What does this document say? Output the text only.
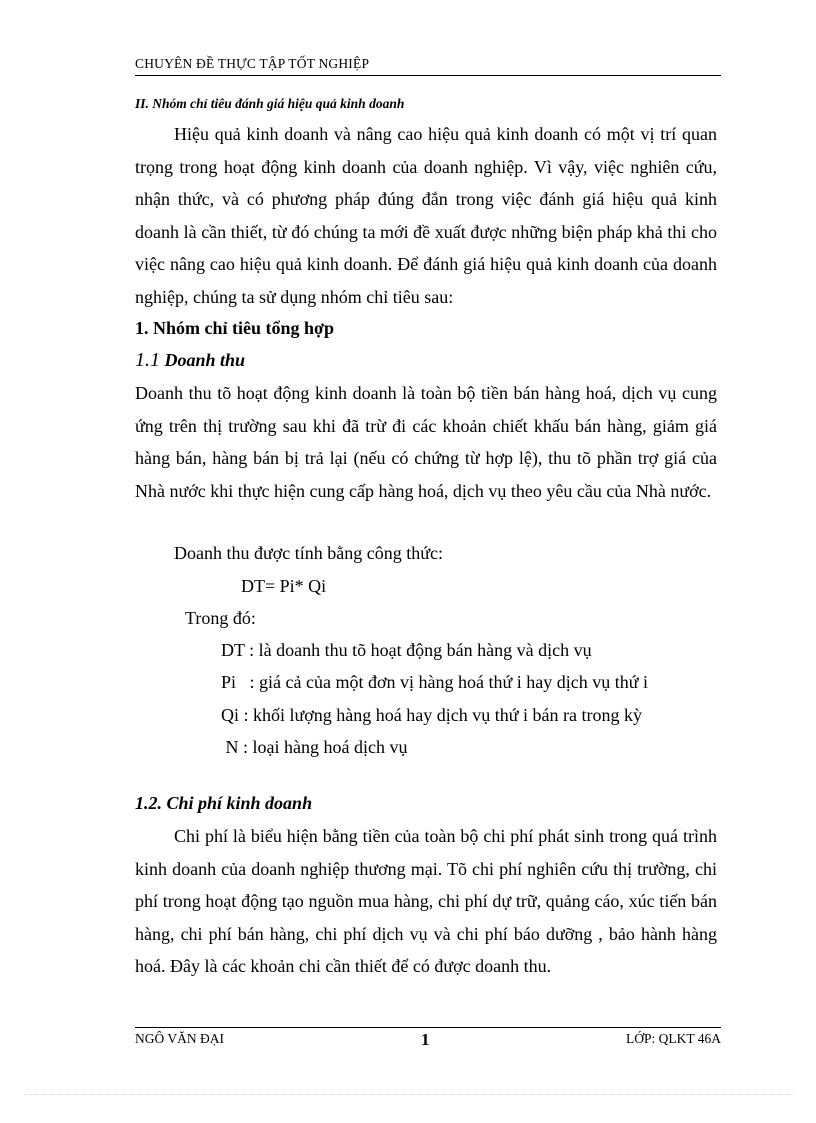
CHUYÊN ĐỀ THỰC TẬP TỐT NGHIỆP
II. Nhóm chỉ tiêu đánh giá hiệu quả kinh doanh

Hiệu quả kinh doanh và nâng cao hiệu quả kinh doanh có một vị trí quan trọng trong hoạt động kinh doanh của doanh nghiệp. Vì vậy, việc nghiên cứu, nhận thức, và có phương pháp đúng đắn trong việc đánh giá hiệu quả kinh doanh là cần thiết, từ đó chúng ta mới đề xuất được những biện pháp khả thi cho việc nâng cao hiệu quả kinh doanh. Để đánh giá hiệu quả kinh doanh của doanh nghiệp, chúng ta sử dụng nhóm chỉ tiêu sau:

1. Nhóm chỉ tiêu tổng hợp
1.1 Doanh thu

Doanh thu tõ hoạt động kinh doanh là toàn bộ tiền bán hàng hoá, dịch vụ cung ứng trên thị trường sau khi đã trừ đi các khoản chiết khấu bán hàng, giảm giá hàng bán, hàng bán bị trả lại (nếu có chứng từ hợp lệ), thu tõ phần trợ giá của Nhà nước khi thực hiện cung cấp hàng hoá, dịch vụ theo yêu cầu của Nhà nước.

Doanh thu được tính bằng công thức:
DT= Pi* Qi
Trong đó:
DT : là doanh thu tõ hoạt động bán hàng và dịch vụ
Pi   : giá cả của một đơn vị hàng hoá thứ i hay dịch vụ thứ i
Qi : khối lượng hàng hoá hay dịch vụ thứ i bán ra trong kỳ
N : loại hàng hoá dịch vụ
1.2. Chi phí kinh doanh

Chi phí là biểu hiện bằng tiền của toàn bộ chi phí phát sinh trong quá trình kinh doanh của doanh nghiệp thương mại. Tõ chi phí nghiên cứu thị trường, chi phí trong hoạt động tạo nguồn mua hàng, chi phí dự trữ, quảng cáo, xúc tiến bán hàng, chi phí bán hàng, chi phí dịch vụ và chi phí báo dưỡng , bảo hành hàng hoá. Đây là các khoản chi cần thiết để có được doanh thu.

NGÔ VĂN ĐẠI	1	LỚP: QLKT 46A
